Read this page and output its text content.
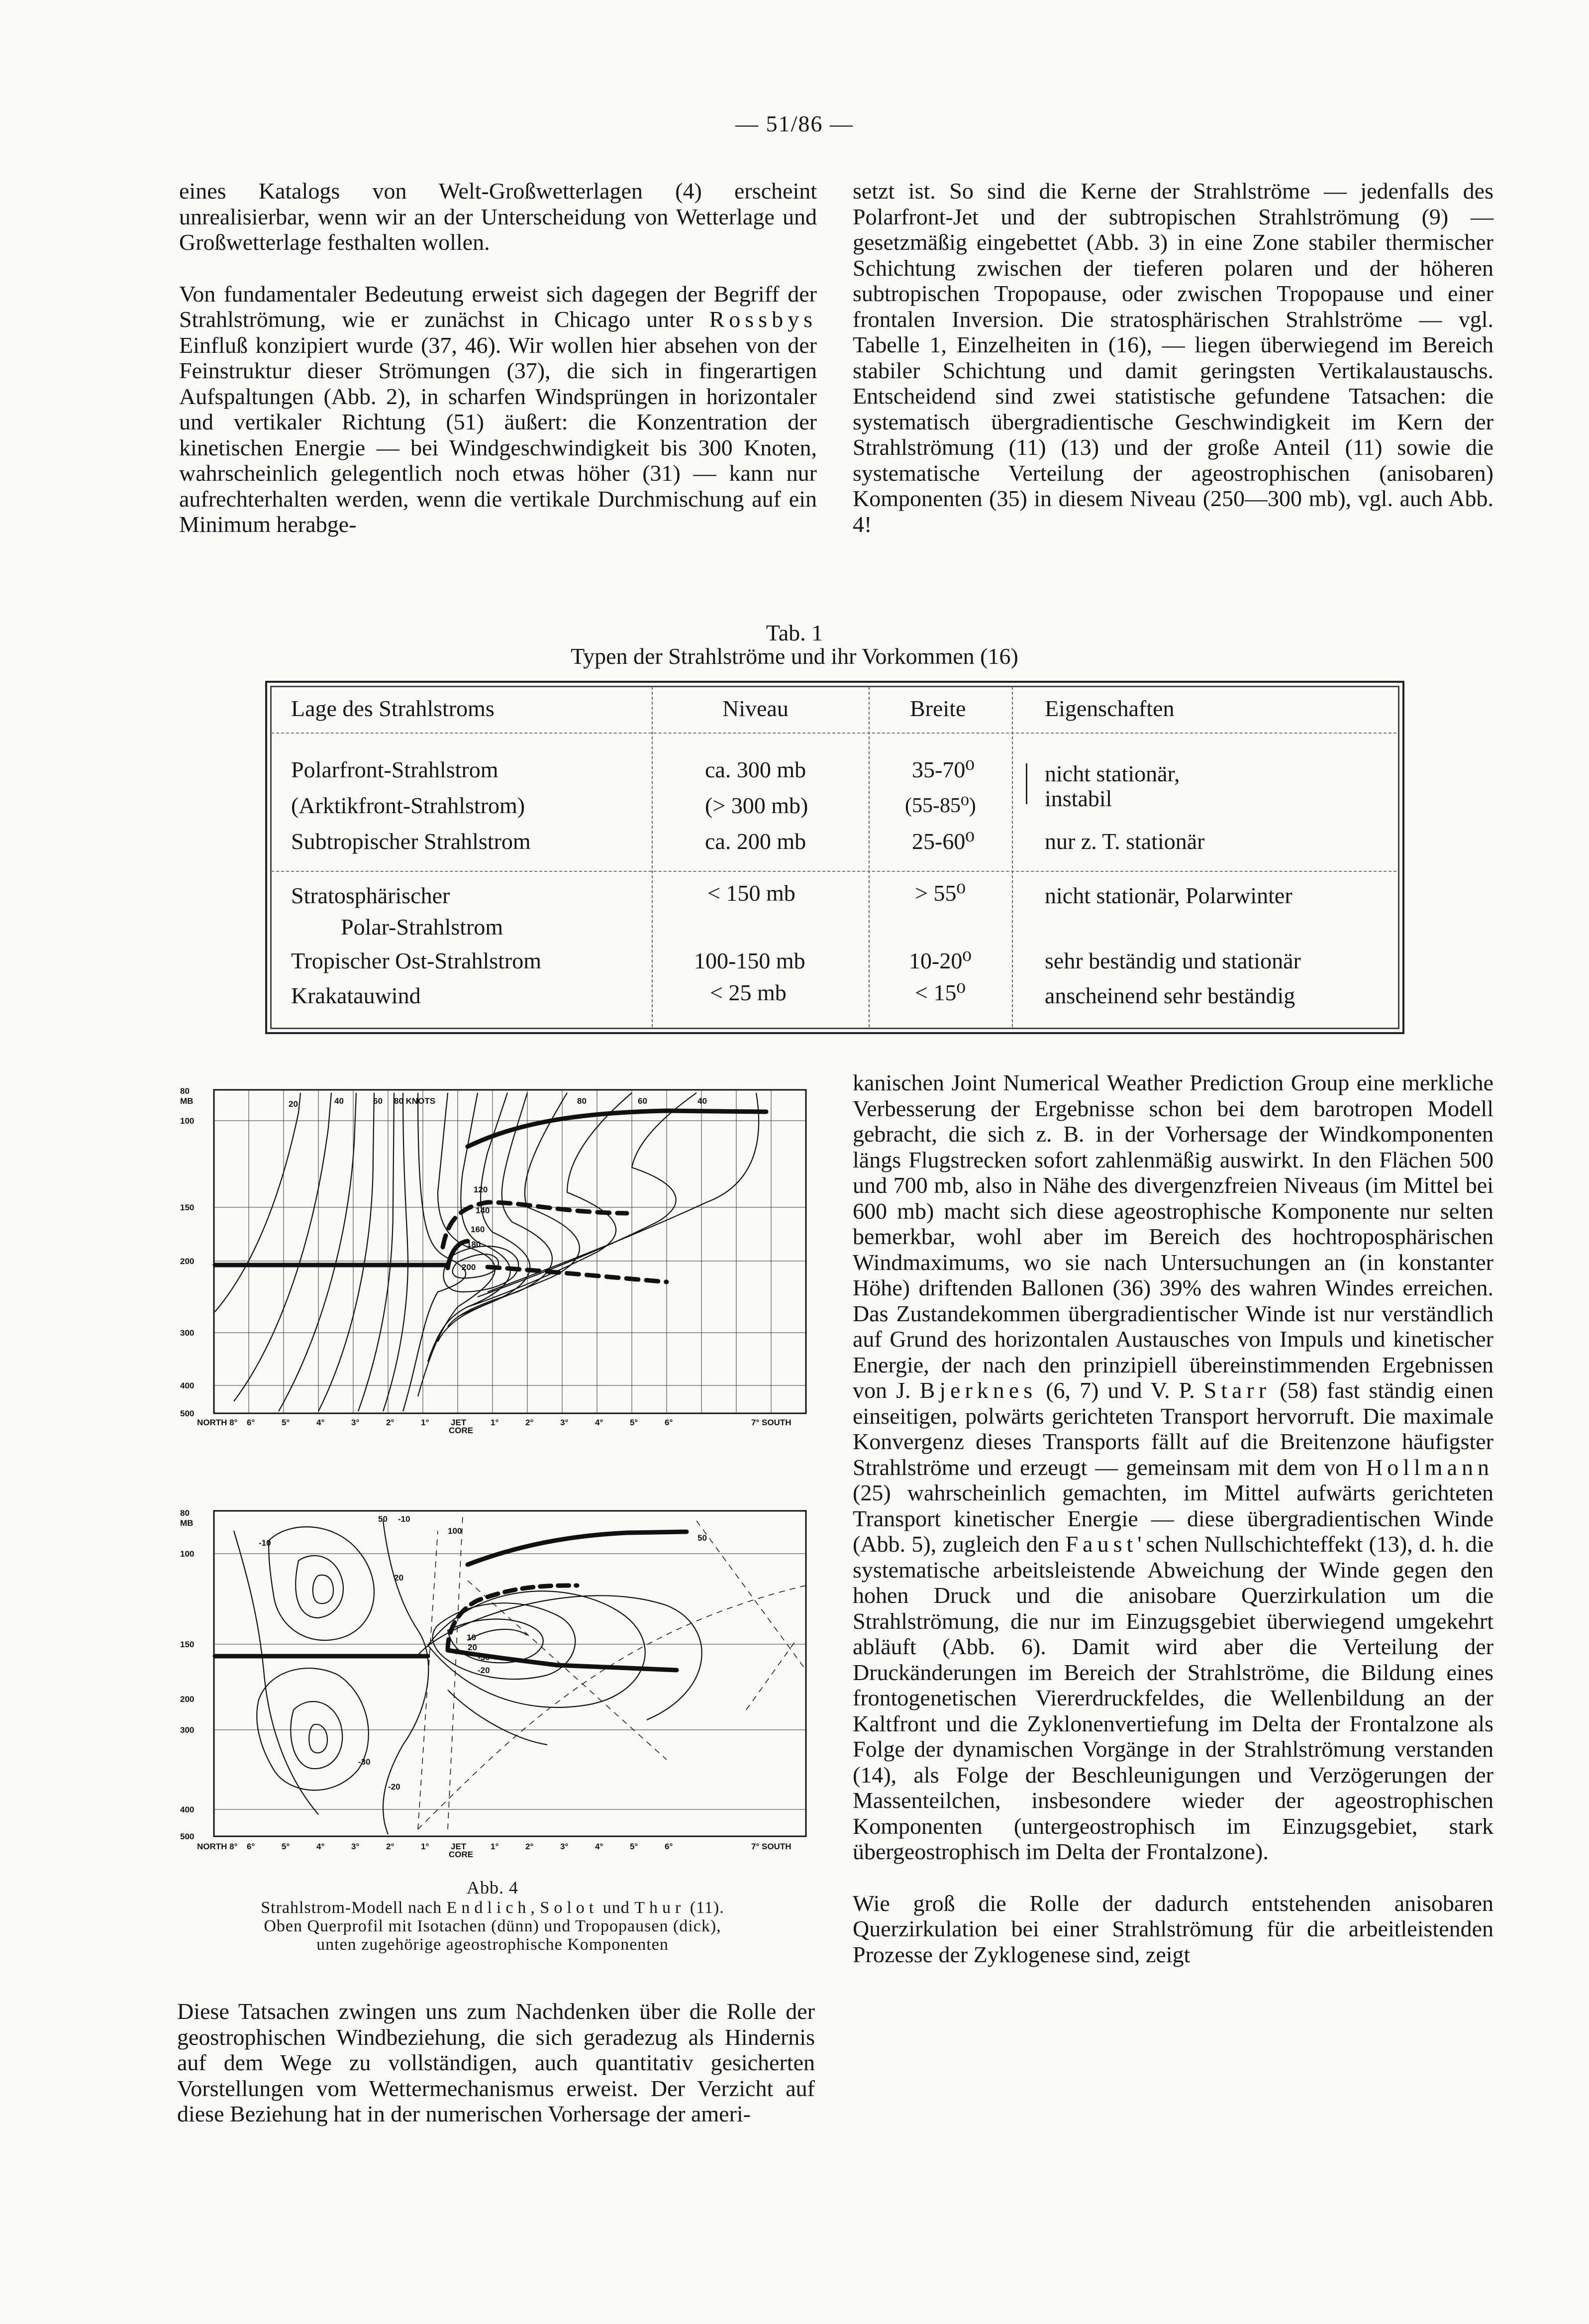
— 51/86 —

eines Katalogs von Welt-Großwetterlagen (4) erscheint unrealisierbar, wenn wir an der Unterscheidung von Wetterlage und Großwetterlage festhalten wollen.

Von fundamentaler Bedeutung erweist sich dagegen der Begriff der Strahlströmung, wie er zunächst in Chicago unter Rossbys Einfluß konzipiert wurde (37, 46). Wir wollen hier absehen von der Feinstruktur dieser Strömungen (37), die sich in fingerartigen Aufspaltungen (Abb. 2), in scharfen Windsprüngen in horizontaler und vertikaler Richtung (51) äußert: die Konzentration der kinetischen Energie — bei Windgeschwindigkeit bis 300 Knoten, wahrscheinlich gelegentlich noch etwas höher (31) — kann nur aufrechterhalten werden, wenn die vertikale Durchmischung auf ein Minimum herabge-

setzt ist. So sind die Kerne der Strahlströme — jedenfalls des Polarfront-Jet und der subtropischen Strahlströmung (9) — gesetzmäßig eingebettet (Abb. 3) in eine Zone stabiler thermischer Schichtung zwischen der tieferen polaren und der höheren subtropischen Tropopause, oder zwischen Tropopause und einer frontalen Inversion. Die stratosphärischen Strahlströme — vgl. Tabelle 1, Einzelheiten in (16), — liegen überwiegend im Bereich stabiler Schichtung und damit geringsten Vertikalaustauschs. Entscheidend sind zwei statistische gefundene Tatsachen: die systematisch übergradientische Geschwindigkeit im Kern der Strahlströmung (11) (13) und der große Anteil (11) sowie die systematische Verteilung der ageostrophischen (anisobaren) Komponenten (35) in diesem Niveau (250—300 mb), vgl. auch Abb. 4!

Tab. 1
Typen der Strahlströme und ihr Vorkommen (16)
Lage des Strahlstroms	Niveau	Breite	Eigenschaften
Polarfront-Strahlstrom	ca. 300 mb	35-70⁰	nicht stationär,
(Arktikfront-Strahlstrom)	(> 300 mb)	(55-85⁰)	instabil
Subtropischer Strahlstrom	ca. 200 mb	25-60⁰	nur z. T. stationär
Stratosphärischer	< 150 mb	> 55⁰	nicht stationär, Polarwinter
Polar-Strahlstrom
Tropischer Ost-Strahlstrom	100-150 mb	10-20⁰	sehr beständig und stationär
Krakatauwind	< 25 mb	< 15⁰	anscheinend sehr beständig
80
MB
100
150
200
300
400
500
20	40	60 80 KNOTS	80	60	40
120
140
160
180
200
NORTH 8° 6°	5°	4°	3°	2°	1°	JET
CORE
1°	2°	3°	4°	5°	6°	7° SOUTH
80
MB
100
150
200
300
400
500
50 -10
100
-10
20
-30
50
-20
10
20
-30
-20
NORTH 8° 6°	5°	4°	3°	2°	1°	JET
CORE
1°	2°	3°	4°	5°	6°	7° SOUTH
Abb. 4
Strahlstrom-Modell nach Endlich, Solot und Thur (11).
Oben Querprofil mit Isotachen (dünn) und Tropopausen (dick),
unten zugehörige ageostrophische Komponenten

Diese Tatsachen zwingen uns zum Nachdenken über die Rolle der geostrophischen Windbeziehung, die sich geradezug als Hindernis auf dem Wege zu vollständigen, auch quantitativ gesicherten Vorstellungen vom Wettermechanismus erweist. Der Verzicht auf diese Beziehung hat in der numerischen Vorhersage der ameri-

kanischen Joint Numerical Weather Prediction Group eine merkliche Verbesserung der Ergebnisse schon bei dem barotropen Modell gebracht, die sich z. B. in der Vorhersage der Windkomponenten längs Flugstrecken sofort zahlenmäßig auswirkt. In den Flächen 500 und 700 mb, also in Nähe des divergenzfreien Niveaus (im Mittel bei 600 mb) macht sich diese ageostrophische Komponente nur selten bemerkbar, wohl aber im Bereich des hochtroposphärischen Windmaximums, wo sie nach Untersuchungen an (in konstanter Höhe) driftenden Ballonen (36) 39% des wahren Windes erreichen. Das Zustandekommen übergradientischer Winde ist nur verständlich auf Grund des horizontalen Austausches von Impuls und kinetischer Energie, der nach den prinzipiell übereinstimmenden Ergebnissen von J. Bjerknes (6, 7) und V. P. Starr (58) fast ständig einen einseitigen, polwärts gerichteten Transport hervorruft. Die maximale Konvergenz dieses Transports fällt auf die Breitenzone häufigster Strahlströme und erzeugt — gemeinsam mit dem von Hollmann (25) wahrscheinlich gemachten, im Mittel aufwärts gerichteten Transport kinetischer Energie — diese übergradientischen Winde (Abb. 5), zugleich den Faust'schen Nullschichteffekt (13), d. h. die systematische arbeitsleistende Abweichung der Winde gegen den hohen Druck und die anisobare Querzirkulation um die Strahlströmung, die nur im Einzugsgebiet überwiegend umgekehrt abläuft (Abb. 6). Damit wird aber die Verteilung der Druckänderungen im Bereich der Strahlströme, die Bildung eines frontogenetischen Viererdruckfeldes, die Wellenbildung an der Kaltfront und die Zyklonenvertiefung im Delta der Frontalzone als Folge der dynamischen Vorgänge in der Strahlströmung verstanden (14), als Folge der Beschleunigungen und Verzögerungen der Massenteilchen, insbesondere wieder der ageostrophischen Komponenten (untergeostrophisch im Einzugsgebiet, stark übergeostrophisch im Delta der Frontalzone).

Wie groß die Rolle der dadurch entstehenden anisobaren Querzirkulation bei einer Strahlströmung für die arbeitleistenden Prozesse der Zyklogenese sind, zeigt
